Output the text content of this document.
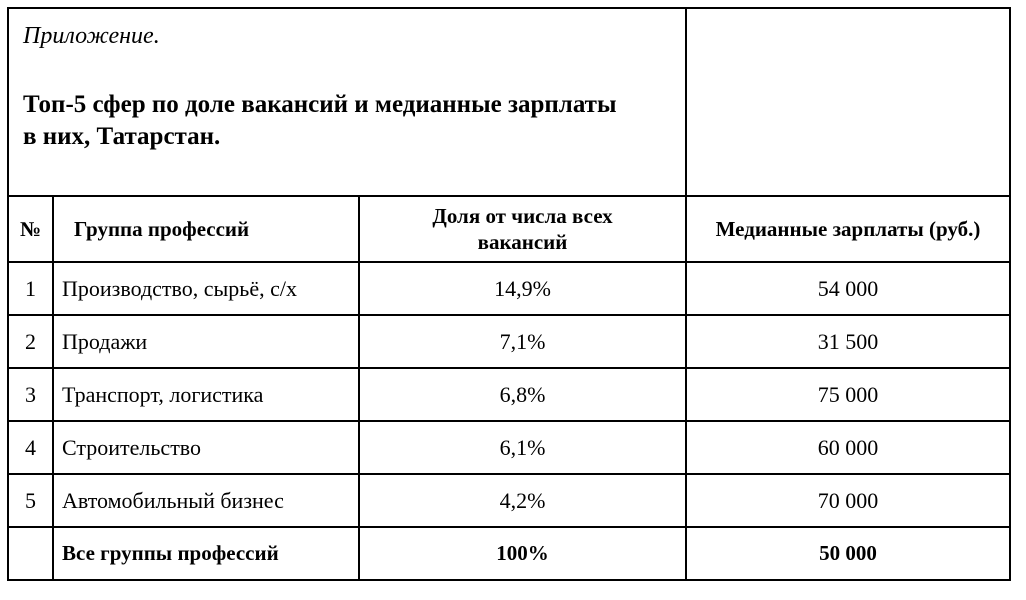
Приложение.
Топ-5 сфер по доле вакансий и медианные зарплаты в них, Татарстан.			

№	Группа профессий	Доля от числа всех вакансий	Медианные зарплаты (руб.)
1	Производство, сырьё, с/х	14,9%	54 000
2	Продажи	7,1%	31 500
3	Транспорт, логистика	6,8%	75 000
4	Строительство	6,1%	60 000
5	Автомобильный бизнес	4,2%	70 000
	Все группы профессий	100%	50 000
